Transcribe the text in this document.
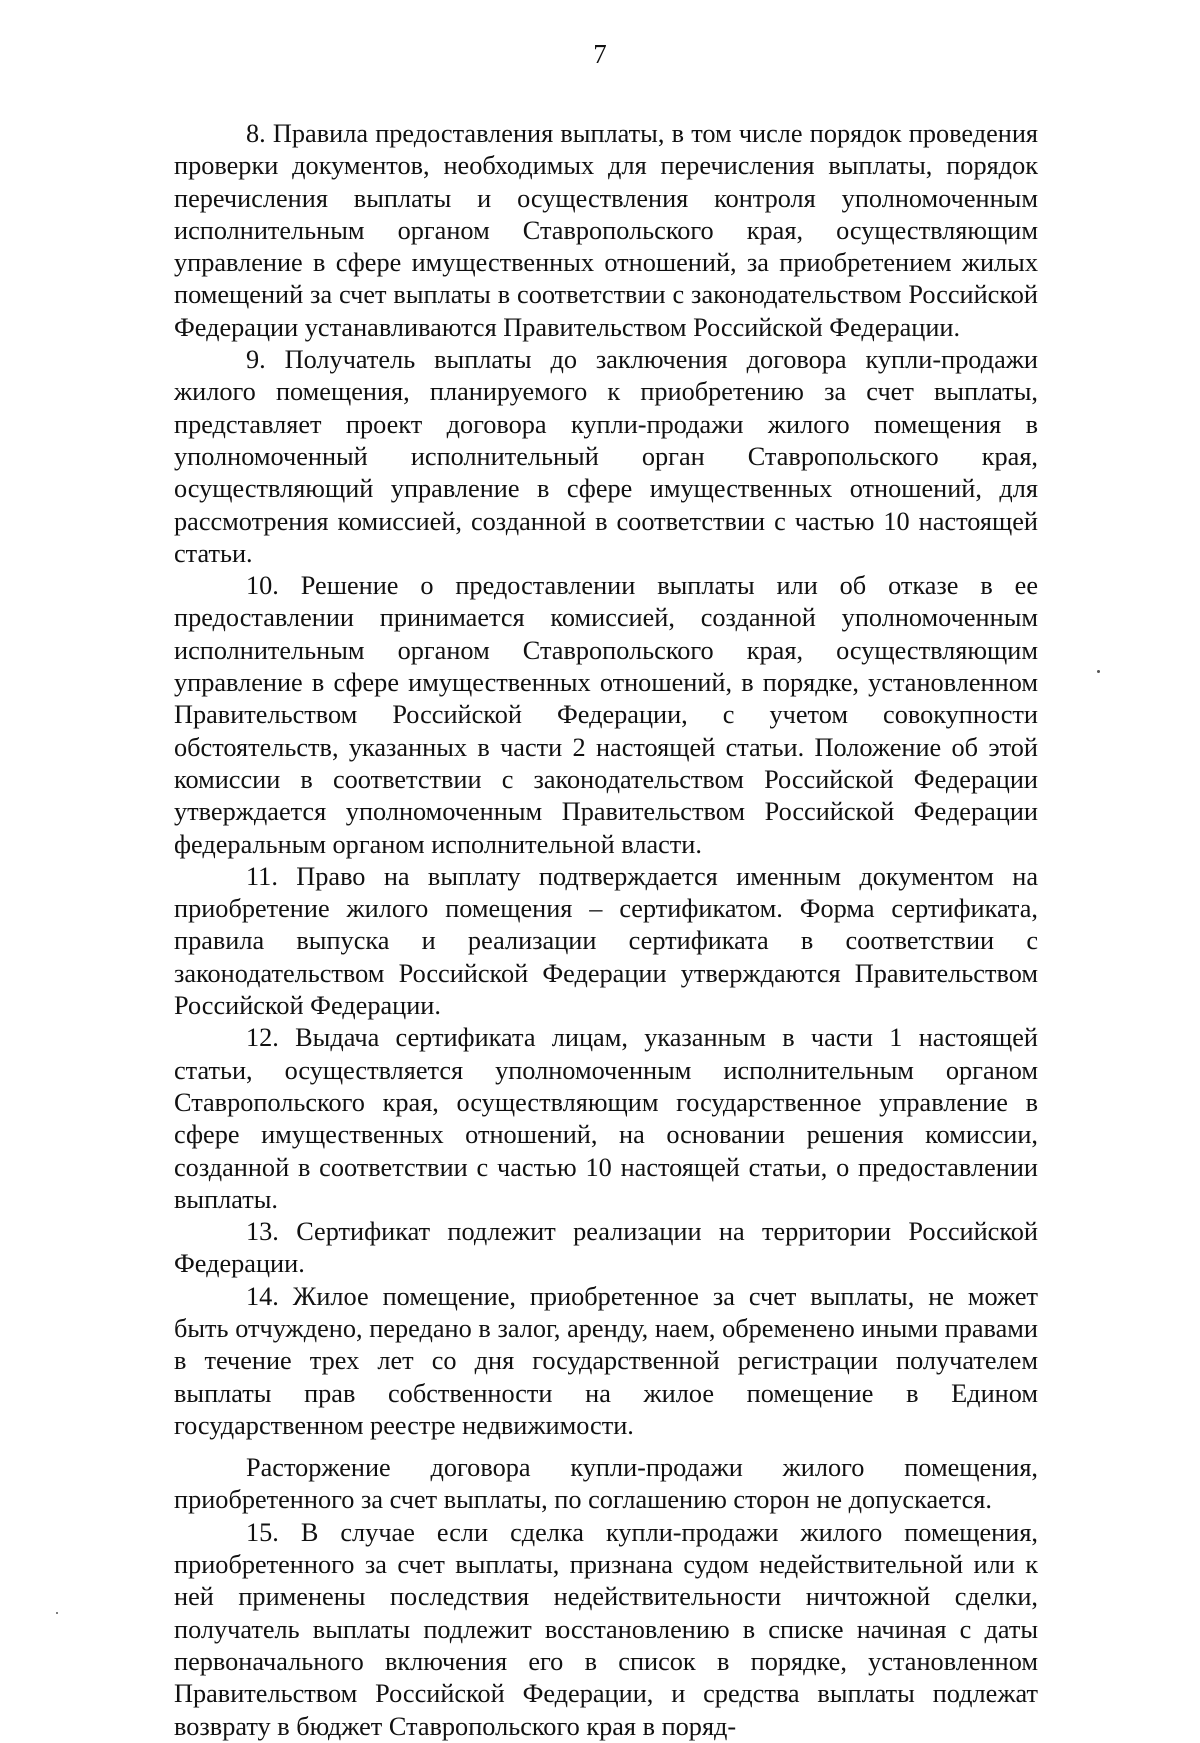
7

8. Правила предоставления выплаты, в том числе порядок проведения проверки документов, необходимых для перечисления выплаты, порядок перечисления выплаты и осуществления контроля уполномоченным исполнительным органом Ставропольского края, осуществляющим управление в сфере имущественных отношений, за приобретением жилых помещений за счет выплаты в соответствии с законодательством Российской Федерации устанавливаются Правительством Российской Федерации.

9. Получатель выплаты до заключения договора купли-продажи жилого помещения, планируемого к приобретению за счет выплаты, представляет проект договора купли-продажи жилого помещения в уполномоченный исполнительный орган Ставропольского края, осуществляющий управление в сфере имущественных отношений, для рассмотрения комиссией, созданной в соответствии с частью 10 настоящей статьи.

10. Решение о предоставлении выплаты или об отказе в ее предоставлении принимается комиссией, созданной уполномоченным исполнительным органом Ставропольского края, осуществляющим управление в сфере имущественных отношений, в порядке, установленном Правительством Российской Федерации, с учетом совокупности обстоятельств, указанных в части 2 настоящей статьи. Положение об этой комиссии в соответствии с законодательством Российской Федерации утверждается уполномоченным Правительством Российской Федерации федеральным органом исполнительной власти.

11. Право на выплату подтверждается именным документом на приобретение жилого помещения – сертификатом. Форма сертификата, правила выпуска и реализации сертификата в соответствии с законодательством Российской Федерации утверждаются Правительством Российской Федерации.

12. Выдача сертификата лицам, указанным в части 1 настоящей статьи, осуществляется уполномоченным исполнительным органом Ставропольского края, осуществляющим государственное управление в сфере имущественных отношений, на основании решения комиссии, созданной в соответствии с частью 10 настоящей статьи, о предоставлении выплаты.

13. Сертификат подлежит реализации на территории Российской Федерации.

14. Жилое помещение, приобретенное за счет выплаты, не может быть отчуждено, передано в залог, аренду, наем, обременено иными правами в течение трех лет со дня государственной регистрации получателем выплаты прав собственности на жилое помещение в Едином государственном реестре недвижимости.

Расторжение договора купли-продажи жилого помещения, приобретенного за счет выплаты, по соглашению сторон не допускается.

15. В случае если сделка купли-продажи жилого помещения, приобретенного за счет выплаты, признана судом недействительной или к ней применены последствия недействительности ничтожной сделки, получатель выплаты подлежит восстановлению в списке начиная с даты первоначального включения его в список в порядке, установленном Правительством Российской Федерации, и средства выплаты подлежат возврату в бюджет Ставропольского края в поряд-
